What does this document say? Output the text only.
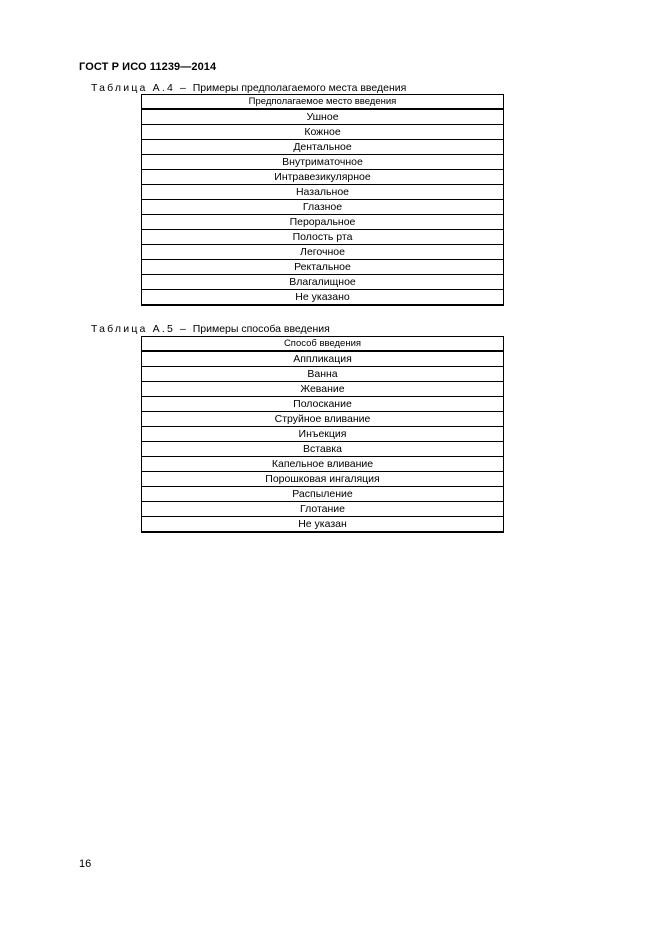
ГОСТ Р ИСО 11239—2014
Таблица А.4 – Примеры предполагаемого места введения
Предполагаемое место введения
Ушное
Кожное
Дентальное
Внутриматочное
Интравезикулярное
Назальное
Глазное
Пероральное
Полость рта
Легочное
Ректальное
Влагалищное
Не указано
Таблица А.5 – Примеры способа введения
Способ введения
Аппликация
Ванна
Жевание
Полоскание
Струйное вливание
Инъекция
Вставка
Капельное вливание
Порошковая ингаляция
Распыление
Глотание
Не указан
16
